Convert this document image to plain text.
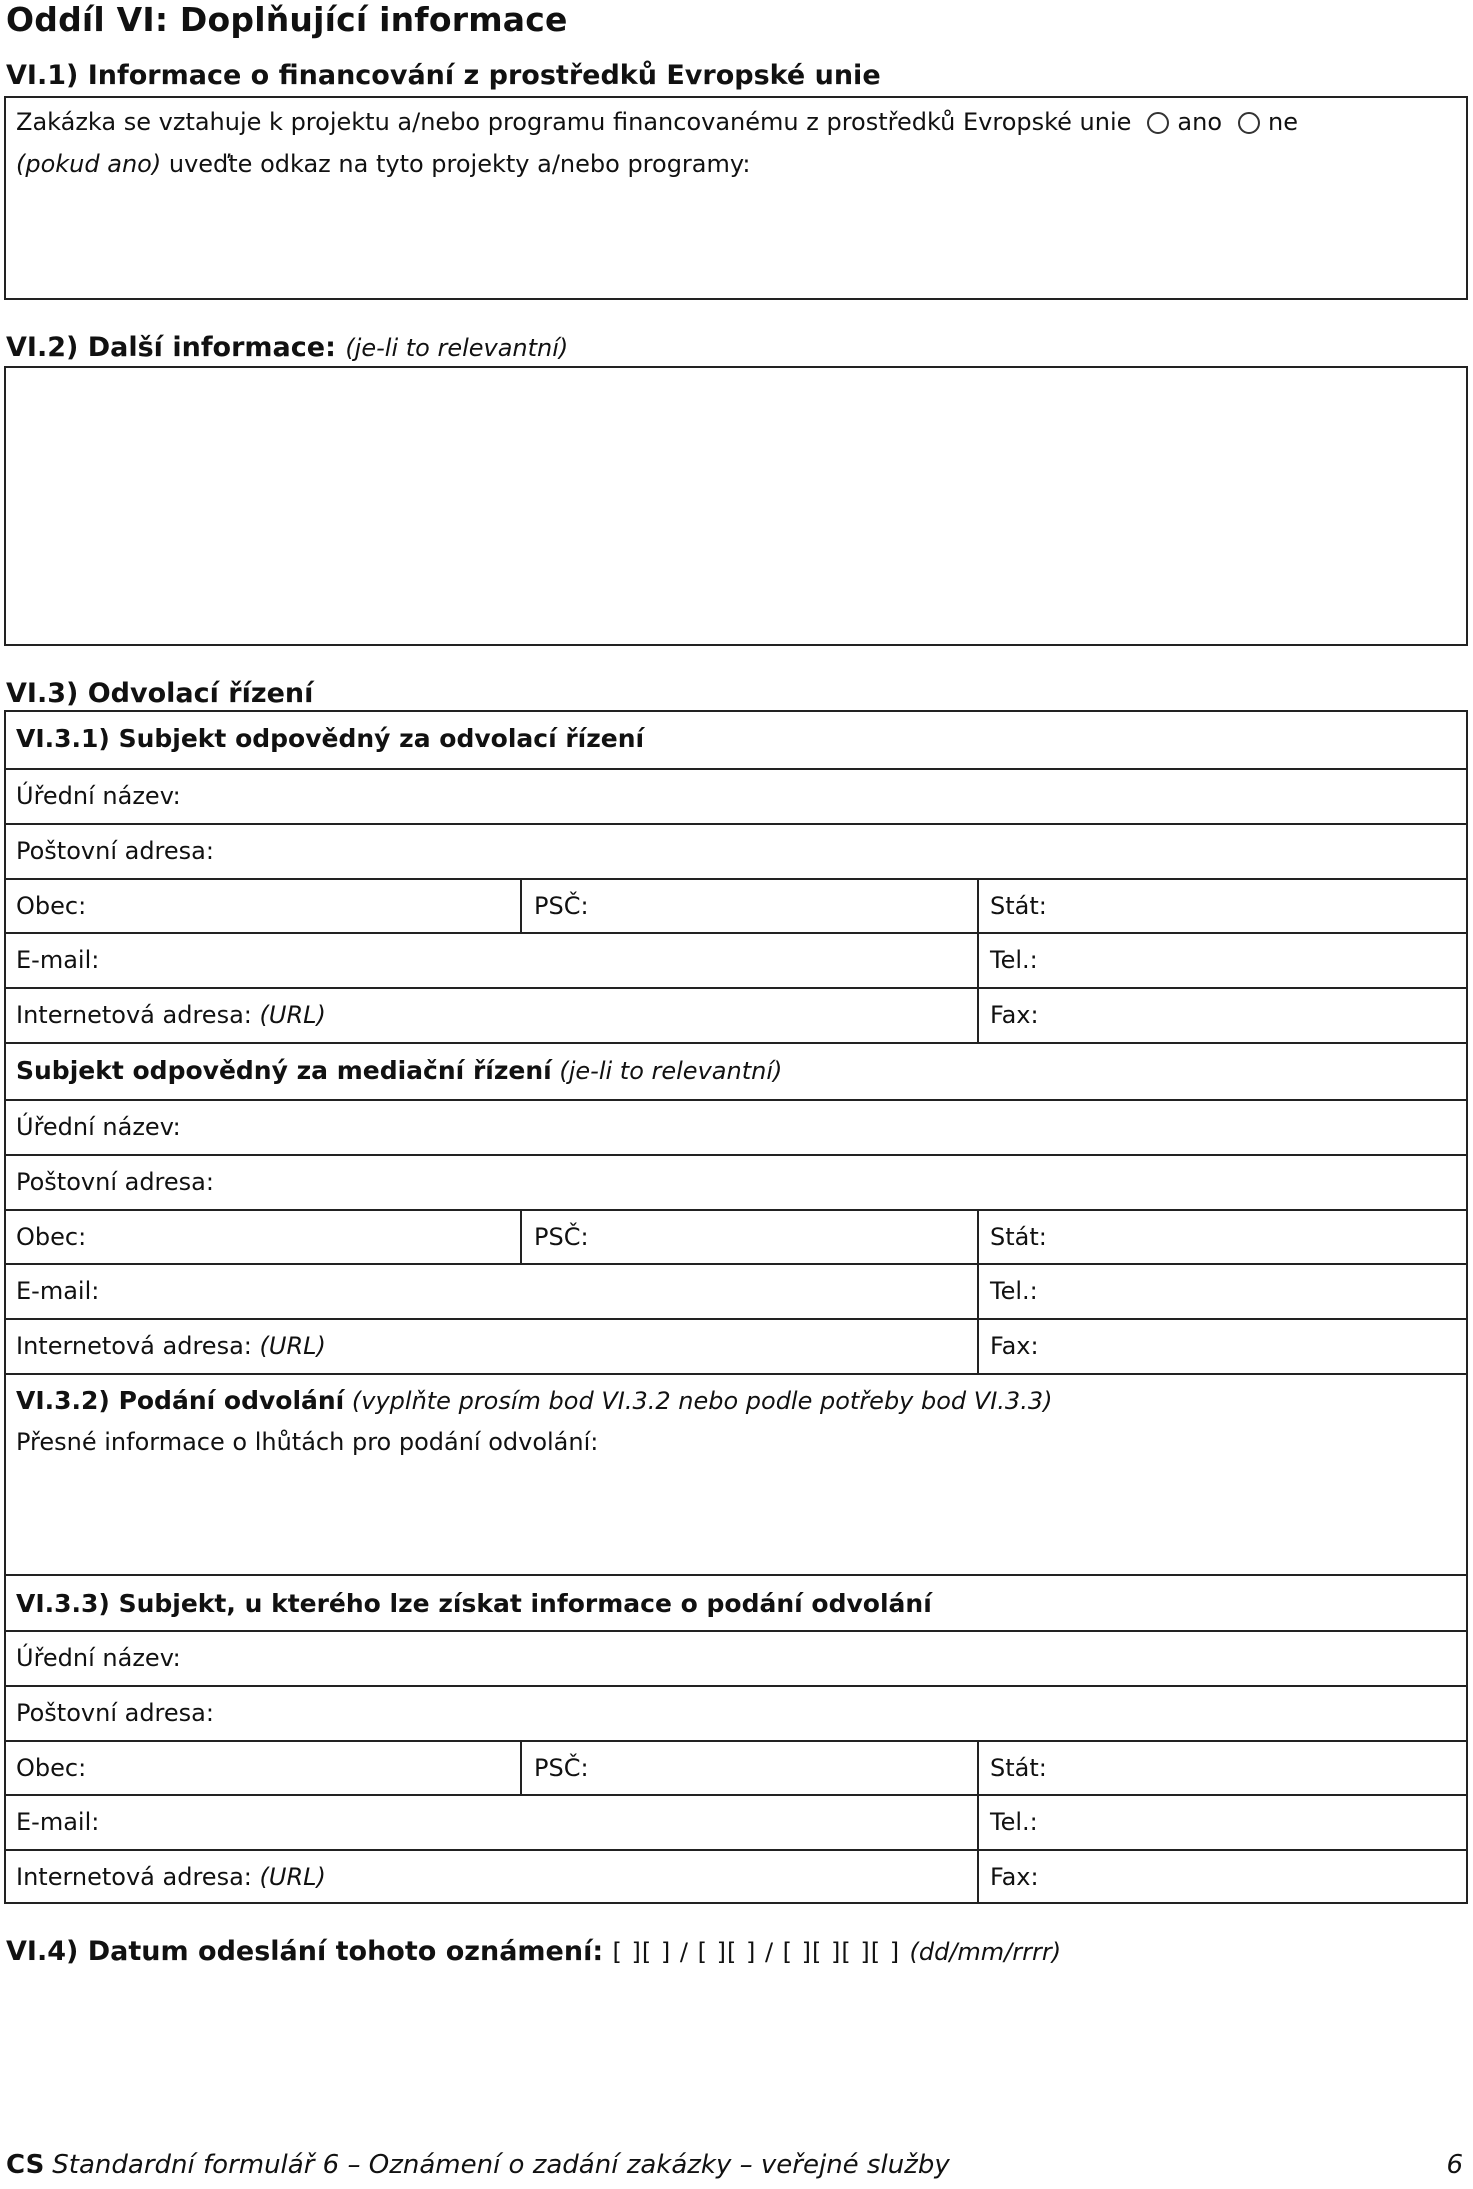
Oddíl VI: Doplňující informace
VI.1) Informace o financování z prostředků Evropské unie
Zakázka se vztahuje k projektu a/nebo programu financovanému z prostředků Evropské unie ano ne
(pokud ano) uveďte odkaz na tyto projekty a/nebo programy:
VI.2) Další informace: (je-li to relevantní)
VI.3) Odvolací řízení
VI.3.1) Subjekt odpovědný za odvolací řízení
Úřední název:
Poštovní adresa:
Obec:	PSČ:	Stát:
E-mail:	Tel.:
Internetová adresa: (URL)	Fax:
Subjekt odpovědný za mediační řízení (je-li to relevantní)
Úřední název:
Poštovní adresa:
Obec:	PSČ:	Stát:
E-mail:	Tel.:
Internetová adresa: (URL)	Fax:
VI.3.2) Podání odvolání (vyplňte prosím bod VI.3.2 nebo podle potřeby bod VI.3.3)
Přesné informace o lhůtách pro podání odvolání:
VI.3.3) Subjekt, u kterého lze získat informace o podání odvolání
Úřední název:
Poštovní adresa:
Obec:	PSČ:	Stát:
E-mail:	Tel.:
Internetová adresa: (URL)	Fax:
VI.4) Datum odeslání tohoto oznámení: [ ][ ] / [ ][ ] / [ ][ ][ ][ ] (dd/mm/rrrr)
CS Standardní formulář 6 – Oznámení o zadání zakázky – veřejné služby	6
